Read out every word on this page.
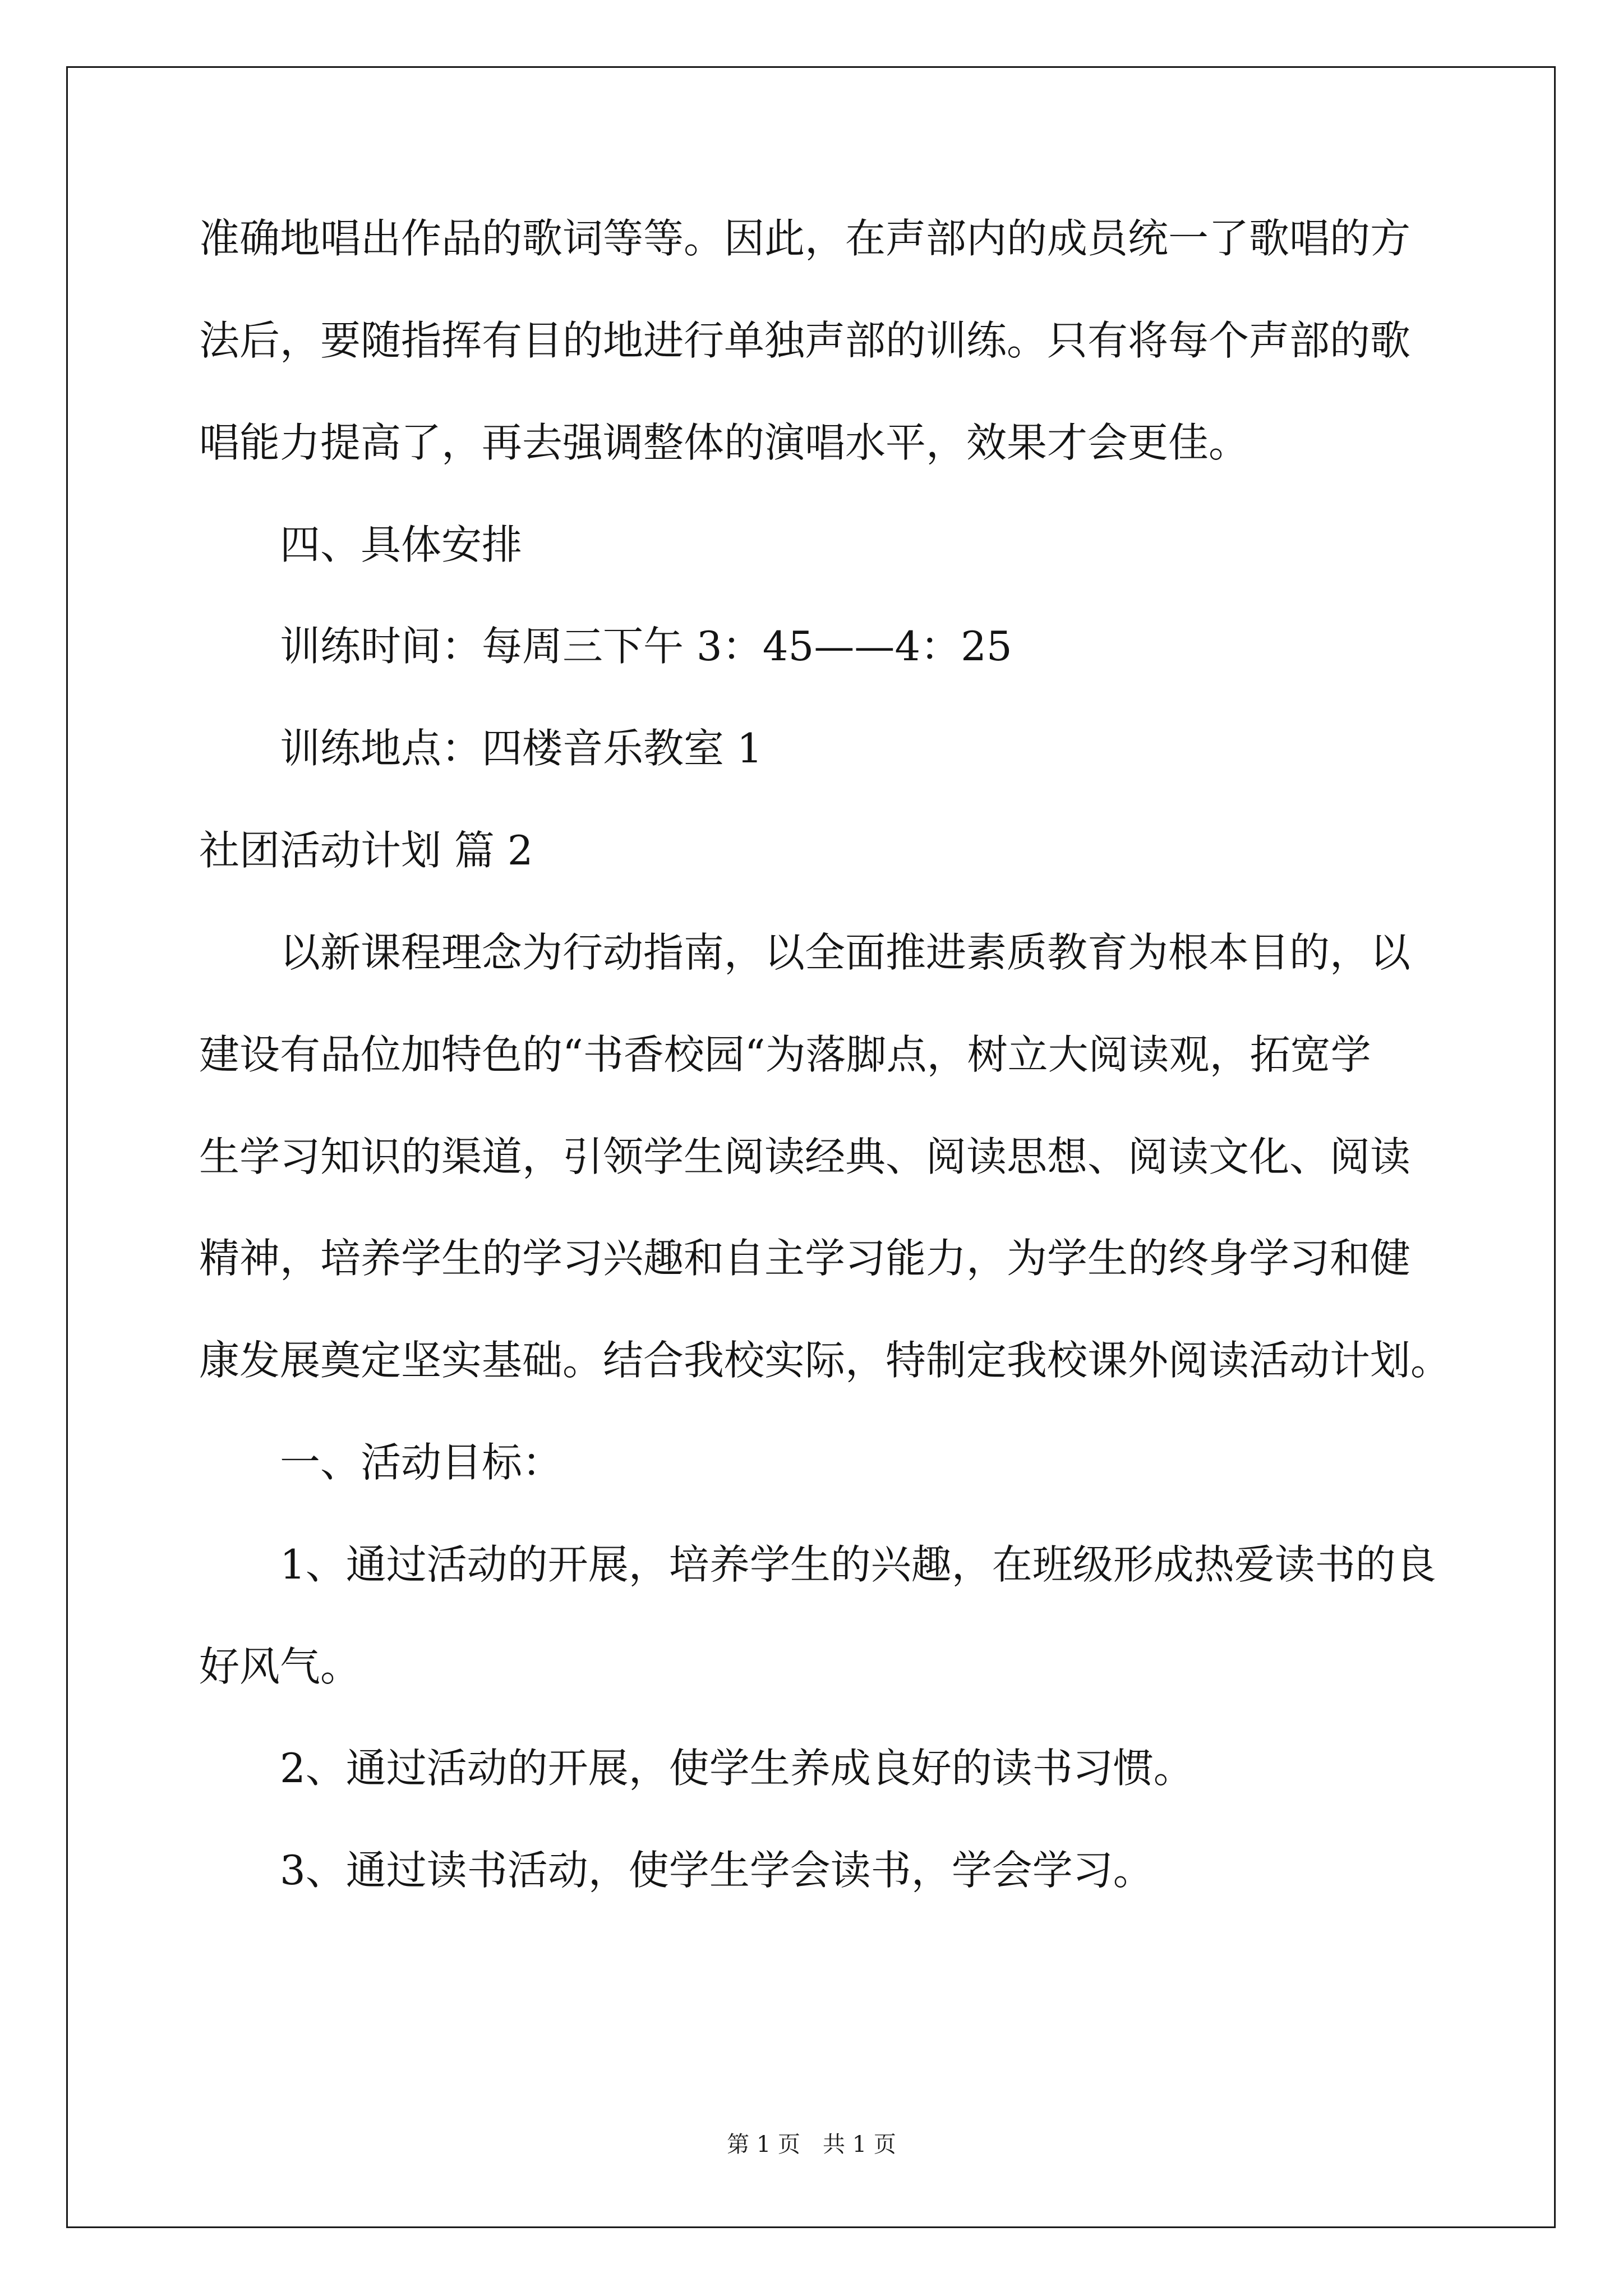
准确地唱出作品的歌词等等。因此，在声部内的成员统一了歌唱的方
法后，要随指挥有目的地进行单独声部的训练。只有将每个声部的歌
唱能力提高了，再去强调整体的演唱水平，效果才会更佳。
四、具体安排
训练时间：每周三下午 3：45——4：25
训练地点：四楼音乐教室 1
社团活动计划 篇 2
以新课程理念为行动指南，以全面推进素质教育为根本目的，以
建设有品位加特色的“书香校园“为落脚点，树立大阅读观，拓宽学
生学习知识的渠道，引领学生阅读经典、阅读思想、阅读文化、阅读
精神，培养学生的学习兴趣和自主学习能力，为学生的终身学习和健
康发展奠定坚实基础。结合我校实际，特制定我校课外阅读活动计划。
一、活动目标：
1、通过活动的开展，培养学生的兴趣，在班级形成热爱读书的良
好风气。
2、通过活动的开展，使学生养成良好的读书习惯。
3、通过读书活动，使学生学会读书，学会学习。
第 1 页　共 1 页
